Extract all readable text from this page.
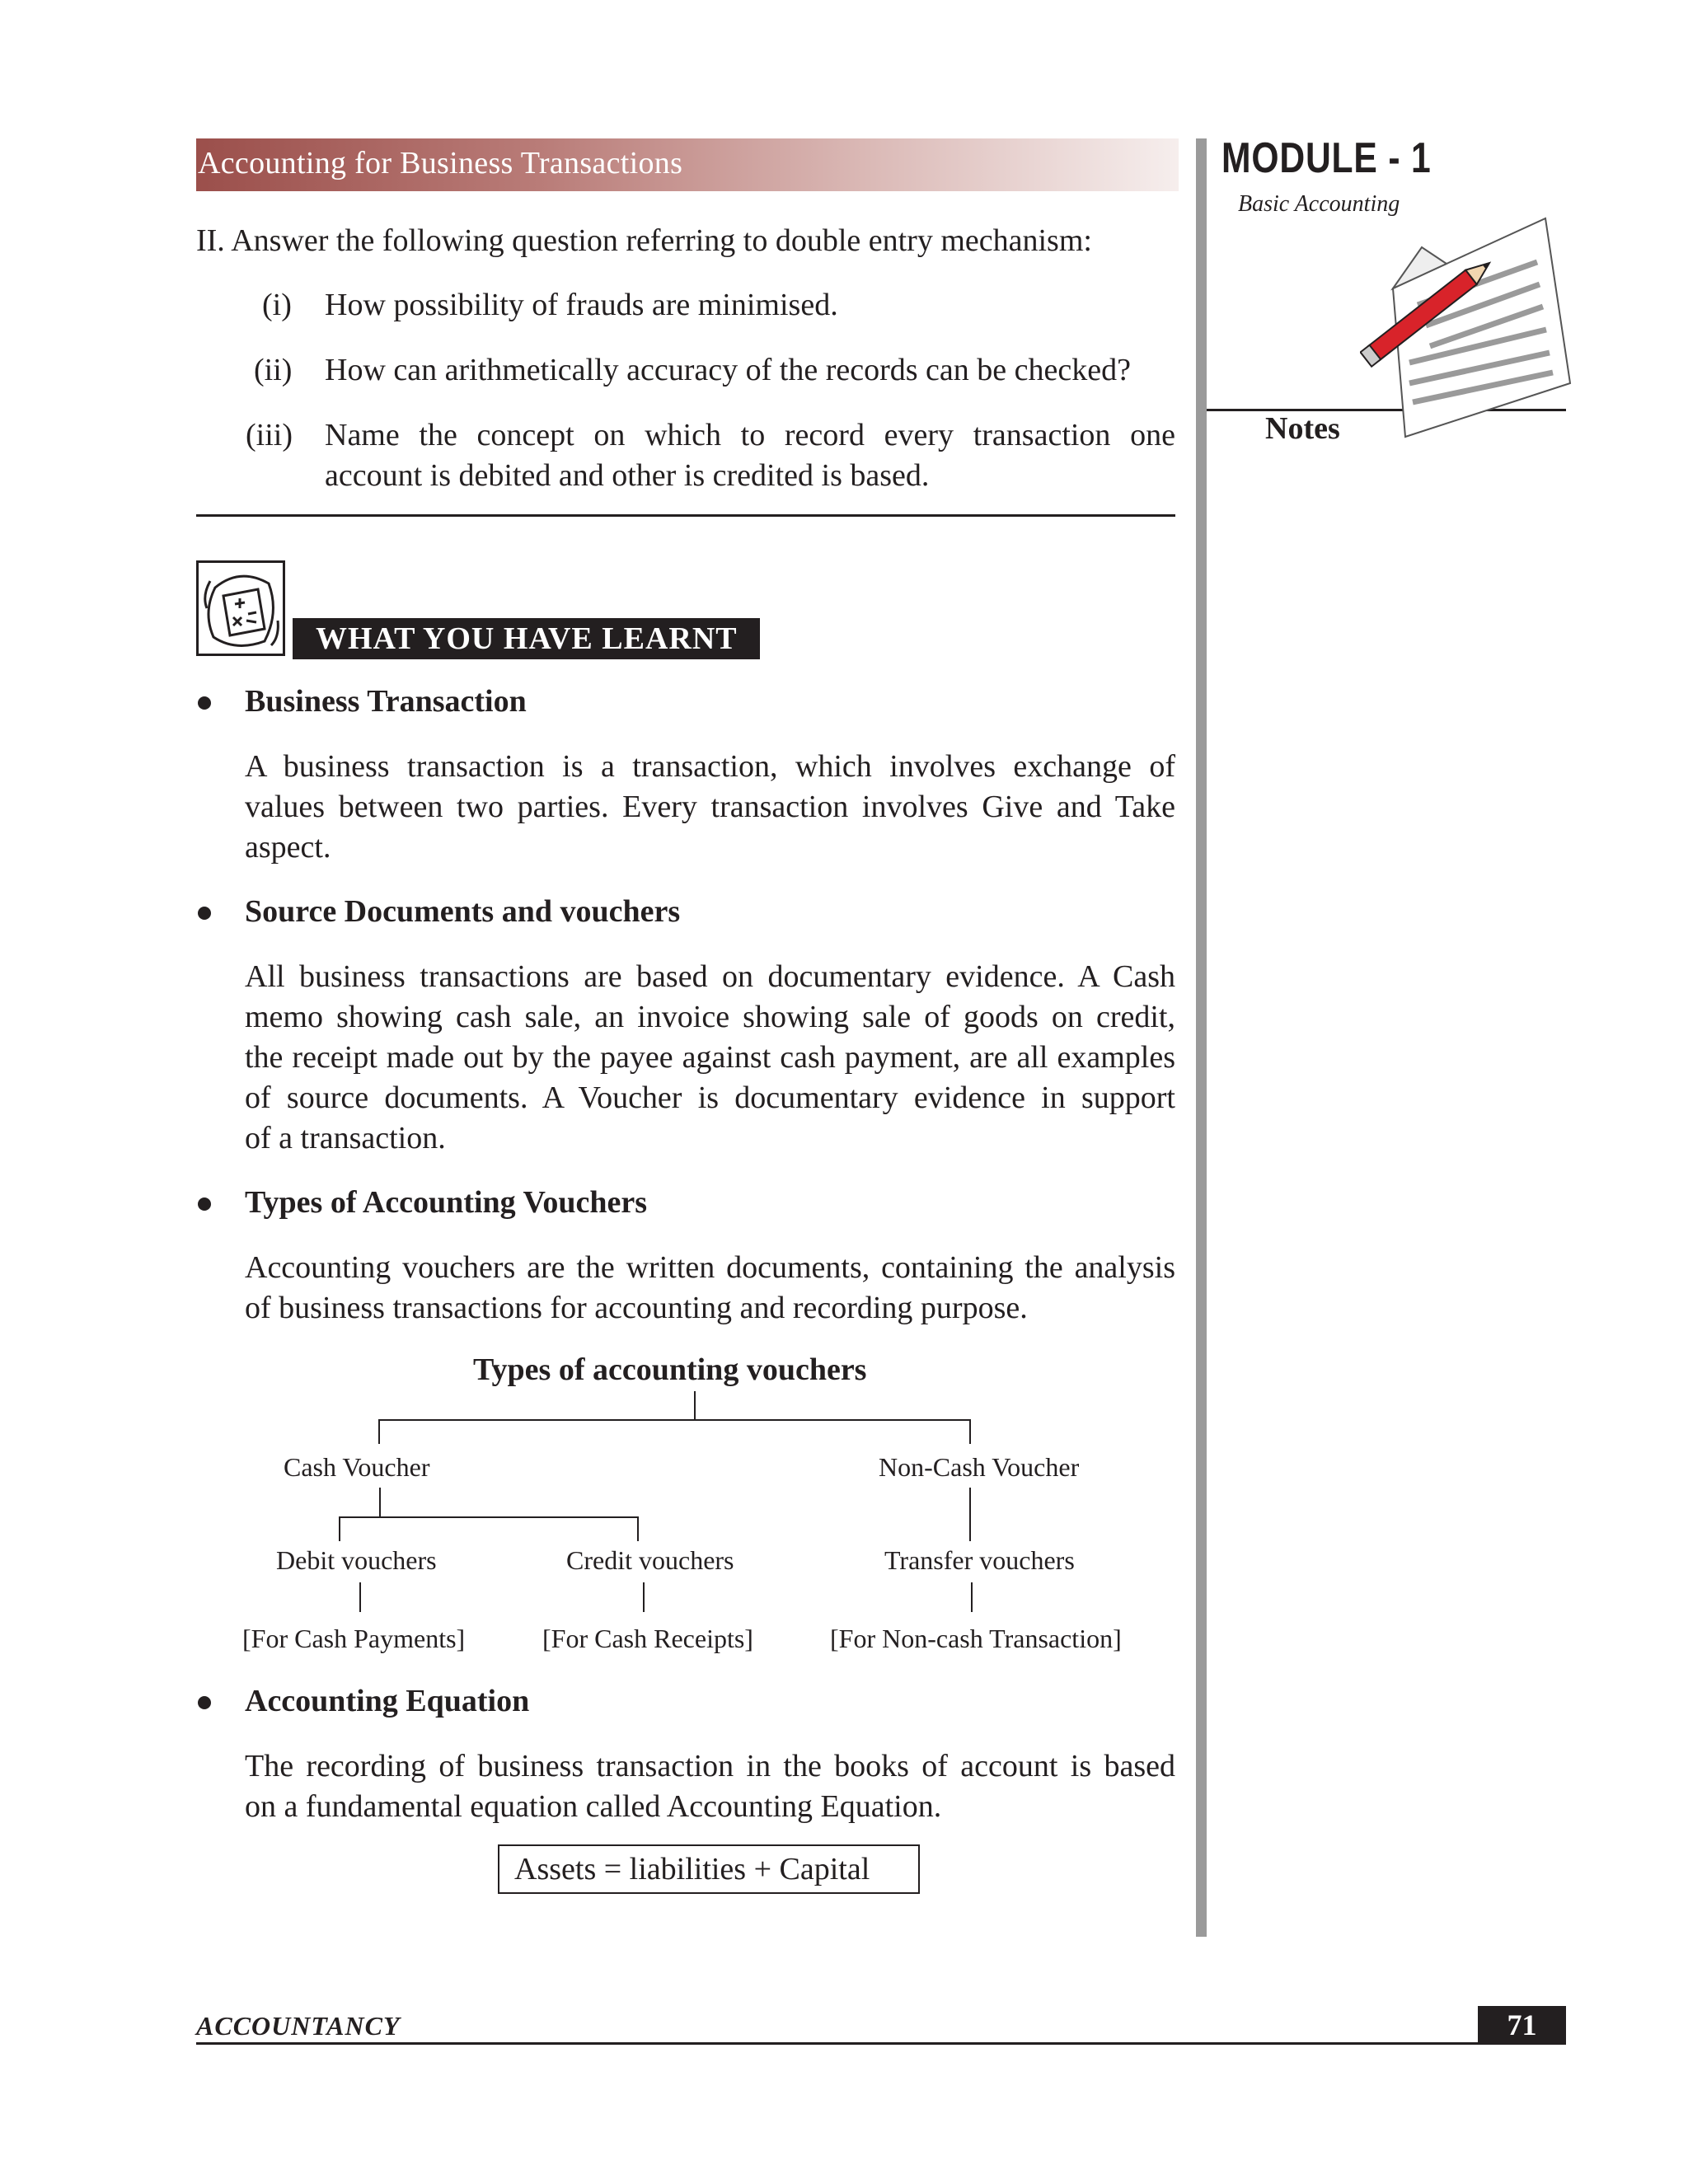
Accounting for Business Transactions	MODULE - 1
Basic Accounting
Notes
II. Answer the following question referring to double entry mechanism:
(i) How possibility of frauds are minimised.
(ii) How can arithmetically accuracy of the records can be checked?
(iii) Name the concept on which to record every transaction one
account is debited and other is credited is based.
WHAT YOU HAVE LEARNT
Business Transaction
A business transaction is a transaction, which involves exchange of
values between two parties. Every transaction involves Give and Take
aspect.
Source Documents and vouchers
All business transactions are based on documentary evidence. A Cash
memo showing cash sale, an invoice showing sale of goods on credit,
the receipt made out by the payee against cash payment, are all examples
of source documents. A Voucher is documentary evidence in support
of a transaction.
Types of Accounting Vouchers
Accounting vouchers are the written documents, containing the analysis
of business transactions for accounting and recording purpose.
Types of accounting vouchers
Cash Voucher	Non-Cash Voucher
Debit vouchers	Credit vouchers	Transfer vouchers
[For Cash Payments]	[For Cash Receipts]	[For Non-cash Transaction]
Accounting Equation
The recording of business transaction in the books of account is based
on a fundamental equation called Accounting Equation.
Assets = liabilities + Capital
ACCOUNTANCY	71
